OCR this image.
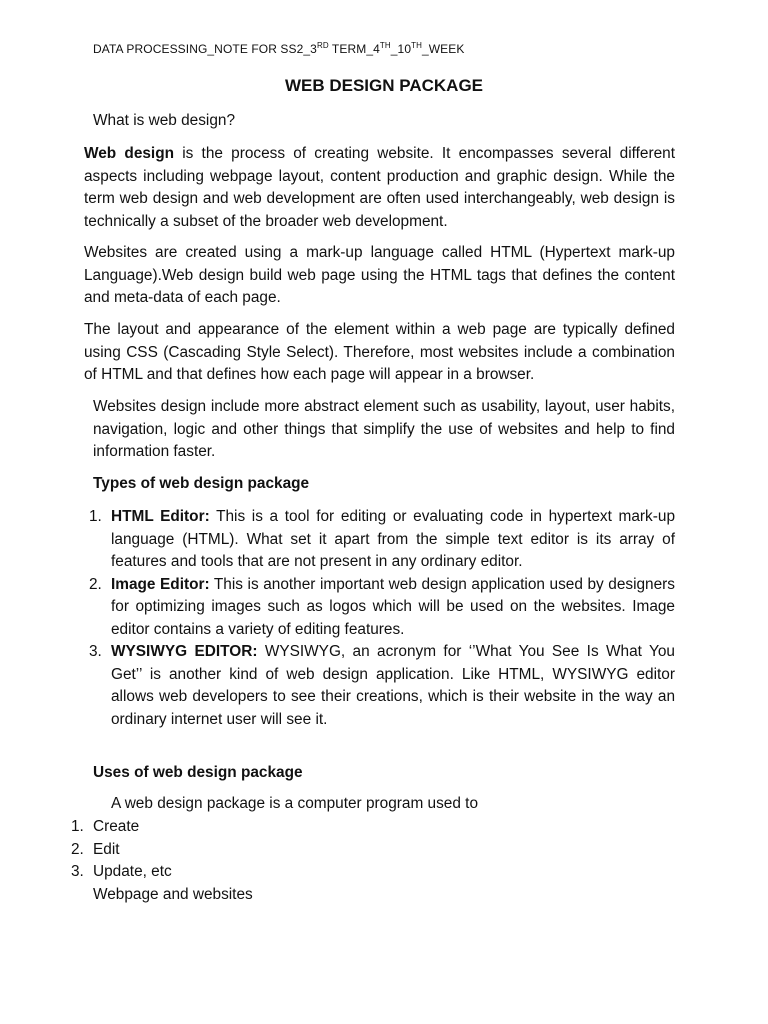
DATA PROCESSING_NOTE FOR SS2_3RD TERM_4TH_10TH_WEEK
WEB DESIGN PACKAGE

What is web design?

Web design is the process of creating website. It encompasses several different aspects including webpage layout, content production and graphic design. While the term web design and web development are often used interchangeably, web design is technically a subset of the broader web development.

Websites are created using a mark-up language called HTML (Hypertext mark-up Language).Web design build web page using the HTML tags that defines the content and meta-data of each page.

The layout and appearance of the element within a web page are typically defined using CSS (Cascading Style Select). Therefore, most websites include a combination of HTML and that defines how each page will appear in a browser.

Websites design include more abstract element such as usability, layout, user habits, navigation, logic and other things that simplify the use of websites and help to find information faster.

Types of web design package

1. HTML Editor: This is a tool for editing or evaluating code in hypertext mark-up language (HTML). What set it apart from the simple text editor is its array of features and tools that are not present in any ordinary editor.
2. Image Editor: This is another important web design application used by designers for optimizing images such as logos which will be used on the websites. Image editor contains a variety of editing features.
3. WYSIWYG EDITOR: WYSIWYG, an acronym for ‘’What You See Is What You Get’’ is another kind of web design application. Like HTML, WYSIWYG editor allows web developers to see their creations, which is their website in the way an ordinary internet user will see it.

Uses of web design package

A web design package is a computer program used to

1. Create
2. Edit
3. Update, etc

Webpage and websites
